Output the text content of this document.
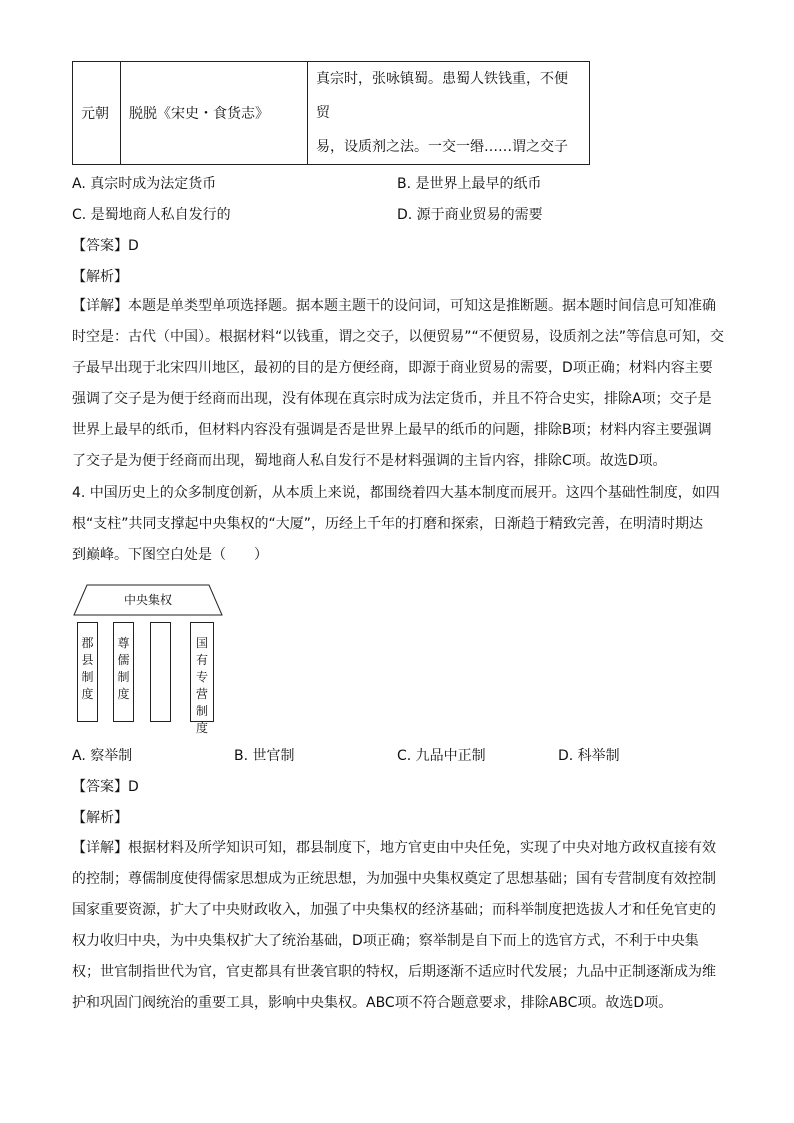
元朝	脱脱《宋史・食货志》	
真宗时，张咏镇蜀。患蜀人铁钱重，不便贸
易，设质剂之法。一交一缗……谓之交子
A. 真宗时成为法定货币	B. 是世界上最早的纸币
C. 是蜀地商人私自发行的	D. 源于商业贸易的需要
【答案】D
【解析】
【详解】本题是单类型单项选择题。据本题主题干的设问词，可知这是推断题。据本题时间信息可知准确
时空是：古代（中国）。根据材料“以钱重，谓之交子，以便贸易”“不便贸易，设质剂之法”等信息可知，交
子最早出现于北宋四川地区，最初的目的是方便经商，即源于商业贸易的需要，D项正确；材料内容主要
强调了交子是为便于经商而出现，没有体现在真宗时成为法定货币，并且不符合史实，排除A项；交子是
世界上最早的纸币，但材料内容没有强调是否是世界上最早的纸币的问题，排除B项；材料内容主要强调
了交子是为便于经商而出现，蜀地商人私自发行不是材料强调的主旨内容，排除C项。故选D项。
4. 中国历史上的众多制度创新，从本质上来说，都围绕着四大基本制度而展开。这四个基础性制度，如四
根“支柱”共同支撑起中央集权的“大厦”，历经上千年的打磨和探索，日渐趋于精致完善，在明清时期达
到巅峰。下图空白处是（　　）
中央集权
郡县制度
尊儒制度
国有专营制度
A. 察举制	B. 世官制	C. 九品中正制	D. 科举制
【答案】D
【解析】
【详解】根据材料及所学知识可知，郡县制度下，地方官吏由中央任免，实现了中央对地方政权直接有效
的控制；尊儒制度使得儒家思想成为正统思想，为加强中央集权奠定了思想基础；国有专营制度有效控制
国家重要资源，扩大了中央财政收入，加强了中央集权的经济基础；而科举制度把选拔人才和任免官吏的
权力收归中央，为中央集权扩大了统治基础，D项正确；察举制是自下而上的选官方式，不利于中央集
权；世官制指世代为官，官吏都具有世袭官职的特权，后期逐渐不适应时代发展；九品中正制逐渐成为维
护和巩固门阀统治的重要工具，影响中央集权。ABC项不符合题意要求，排除ABC项。故选D项。
